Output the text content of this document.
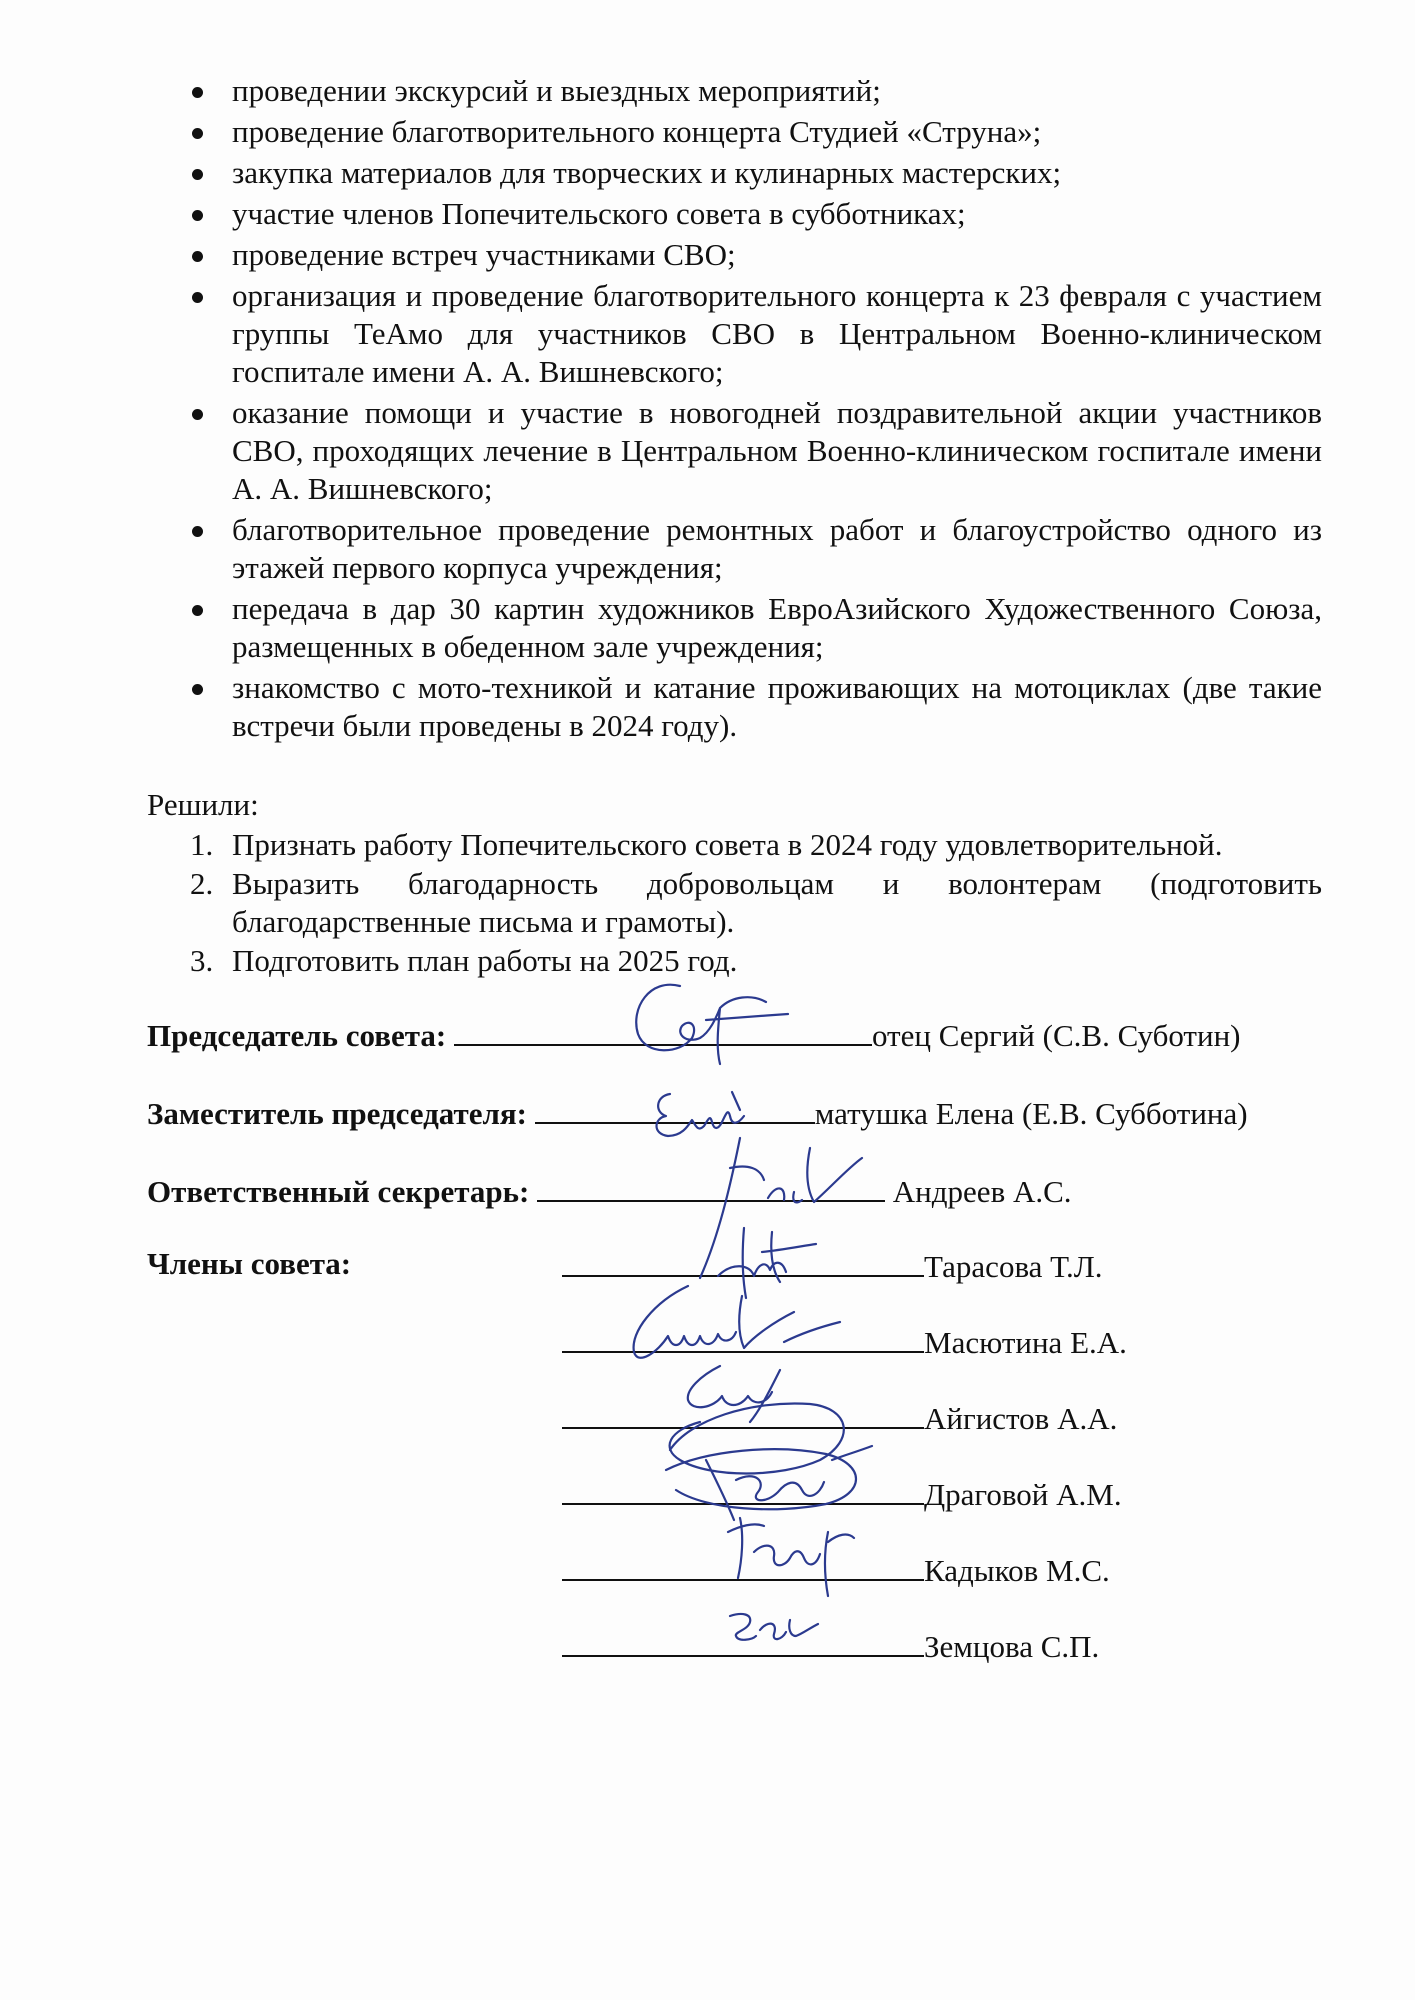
проведении экскурсий и выездных мероприятий;
проведение благотворительного концерта Студией «Струна»;
закупка материалов для творческих и кулинарных мастерских;
участие членов Попечительского совета в субботниках;
проведение встреч участниками СВО;
организация и проведение благотворительного концерта к 23 февраля с участием группы ТеАмо для участников СВО в Центральном Военно-клиническом госпитале имени А. А. Вишневского;
оказание помощи и участие в новогодней поздравительной акции участников СВО, проходящих лечение в Центральном Военно-клиническом госпитале имени А. А. Вишневского;
благотворительное проведение ремонтных работ и благоустройство одного из этажей первого корпуса учреждения;
передача в дар 30 картин художников ЕвроАзийского Художественного Союза, размещенных в обеденном зале учреждения;
знакомство с мото-техникой и катание проживающих на мотоциклах (две такие встречи были проведены в 2024 году).
Решили:
1. Признать работу Попечительского совета в 2024 году удовлетворительной.
2. Выразить благодарность добровольцам и волонтерам (подготовить благодарственные письма и грамоты).
3. Подготовить план работы на 2025 год.
Председатель совета:	отец Сергий (С.В. Суботин)
Заместитель председателя:	матушка Елена (Е.В. Субботина)
Ответственный секретарь:	Андреев А.С.
Члены совета:	Тарасова Т.Л.
Масютина Е.А.
Айгистов А.А.
Драговой А.М.
Кадыков М.С.
Земцова С.П.
